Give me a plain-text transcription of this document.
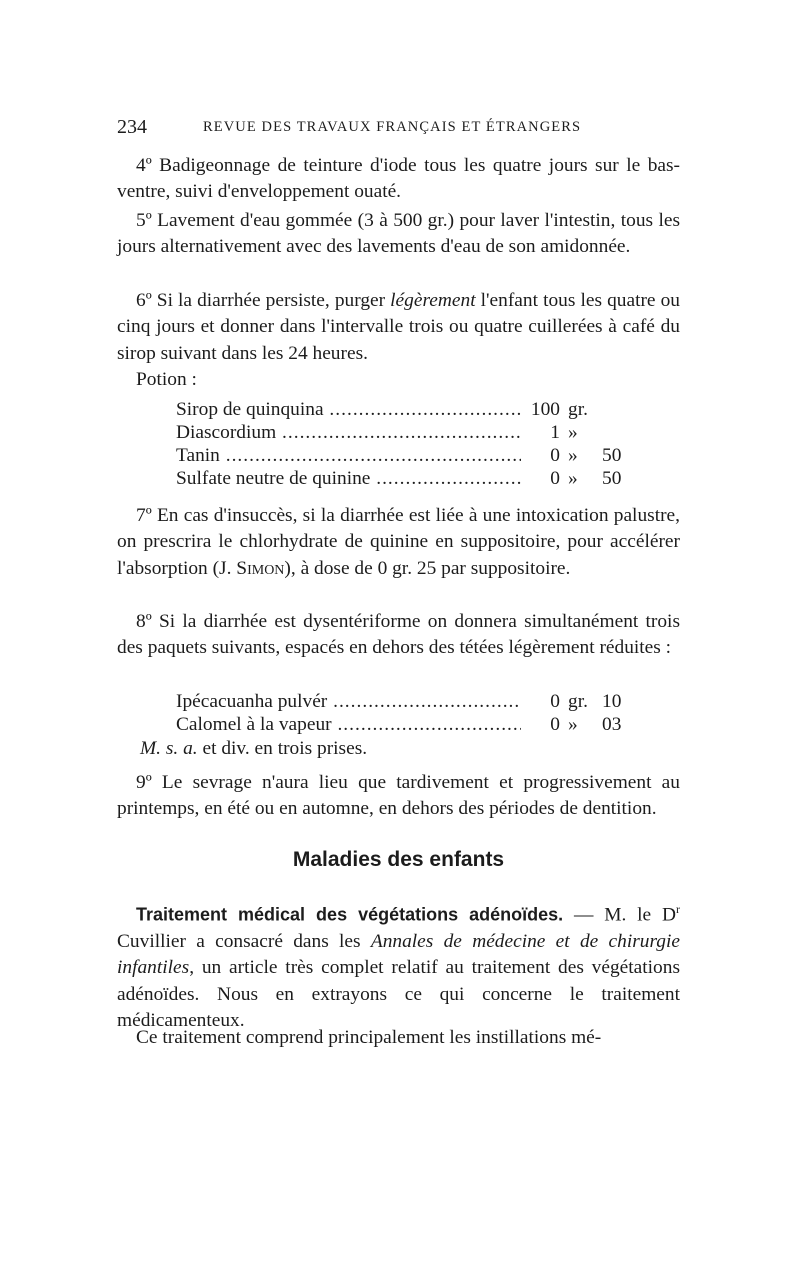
234	REVUE DES TRAVAUX FRANÇAIS ET ÉTRANGERS

4º Badigeonnage de teinture d'iode tous les quatre jours sur le bas-ventre, suivi d'enveloppement ouaté.

5º Lavement d'eau gommée (3 à 500 gr.) pour laver l'intestin, tous les jours alternativement avec des lavements d'eau de son amidonnée.

6º Si la diarrhée persiste, purger légèrement l'enfant tous les quatre ou cinq jours et donner dans l'intervalle trois ou quatre cuillerées à café du sirop suivant dans les 24 heures.

Potion :

Sirop de quinquina .....	100 gr.
Diascordium .....	1 »
Tanin .....	0 »	50
Sulfate neutre de quinine .....	0 »	50

7º En cas d'insuccès, si la diarrhée est liée à une intoxication palustre, on prescrira le chlorhydrate de quinine en suppositoire, pour accélérer l'absorption (J. Simon), à dose de 0 gr. 25 par suppositoire.

8º Si la diarrhée est dysentériforme on donnera simultanément trois des paquets suivants, espacés en dehors des tétées légèrement réduites :

Ipécacuanha pulvér .....	0 gr. 10
Calomel à la vapeur .....	0 »	03

M. s. a. et div. en trois prises.

9º Le sevrage n'aura lieu que tardivement et progressivement au printemps, en été ou en automne, en dehors des périodes de dentition.

Maladies des enfants

Traitement médical des végétations adénoïdes. — M. le $D^r$ Cuvillier a consacré dans les Annales de médecine et de chirurgie infantiles, un article très complet relatif au traitement des végétations adénoïdes. Nous en extrayons ce qui concerne le traitement médicamenteux.

Ce traitement comprend principalement les instillations mé-
